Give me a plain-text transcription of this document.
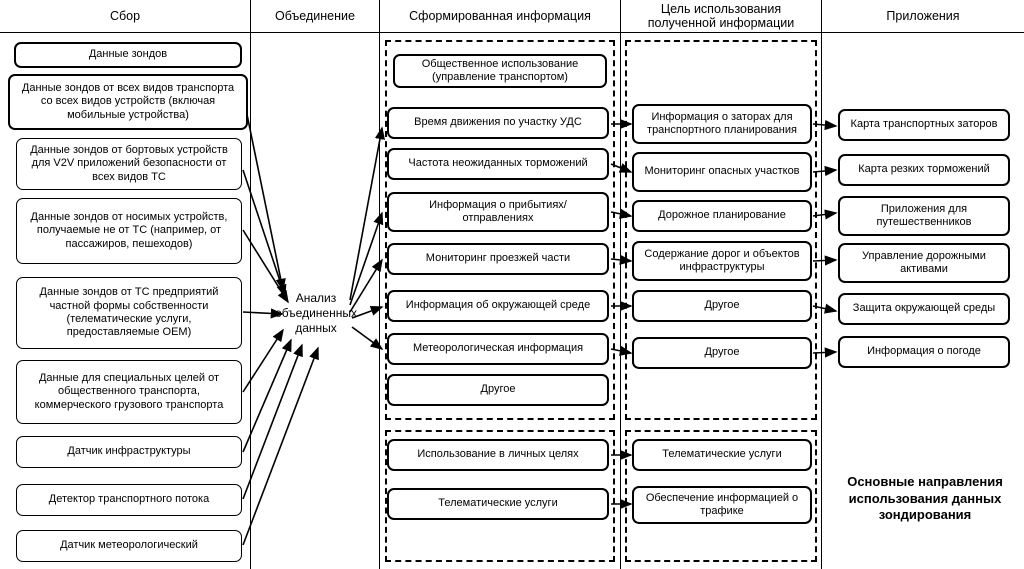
Сбор	Объединение	Сформированная информация
Цель использования
полученной информации
Приложения
Данные зондов
Данные зондов от всех видов транспорта со всех видов устройств (включая мобильные устройства)
Данные зондов от бортовых устройств для V2V приложений безопасности от всех видов ТС
Данные зондов от носимых устройств, получаемые не от ТС (например, от пассажиров, пешеходов)
Данные зондов от ТС предприятий частной формы собственности (телематические услуги, предоставляемые OEM)
Данные для специальных целей от общественного транспорта, коммерческого грузового транспорта
Датчик инфраструктуры
Детектор транспортного потока
Датчик метеорологический
Анализ объединенных данных
Общественное использование (управление транспортом)
Время движения по участку УДС
Частота неожиданных торможений
Информация о прибытиях/отправлениях
Мониторинг проезжей части
Информация об окружающей среде
Метеорологическая информация
Другое
Использование в личных целях
Телематические услуги
Информация о заторах для транспортного планирования
Мониторинг опасных участков
Дорожное планирование
Содержание дорог и объектов инфраструктуры
Другое
Другое
Телематические услуги
Обеспечение информацией о трафике
Карта транспортных заторов
Карта резких торможений
Приложения для путешественников
Управление дорожными активами
Защита окружающей среды
Информация о погоде
Основные направления использования данных зондирования
